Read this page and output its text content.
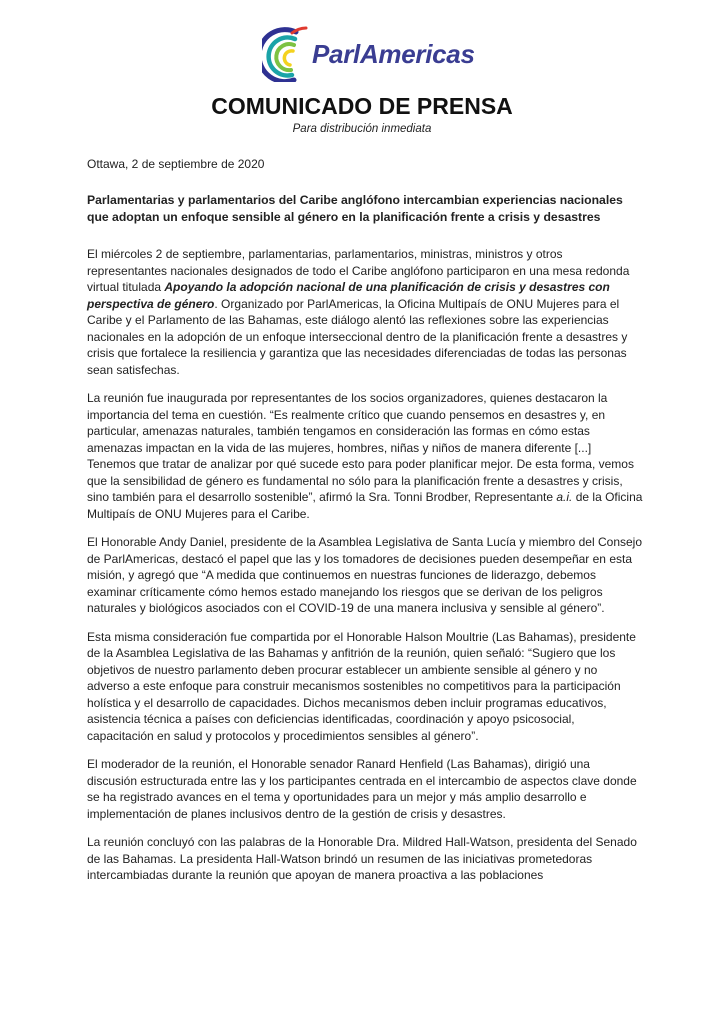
ParlAmericas
COMUNICADO DE PRENSA
Para distribución inmediata
Ottawa, 2 de septiembre de 2020
Parlamentarias y parlamentarios del Caribe anglófono intercambian experiencias nacionales que adoptan un enfoque sensible al género en la planificación frente a crisis y desastres

El miércoles 2 de septiembre, parlamentarias, parlamentarios, ministras, ministros y otros representantes nacionales designados de todo el Caribe anglófono participaron en una mesa redonda virtual titulada Apoyando la adopción nacional de una planificación de crisis y desastres con perspectiva de género. Organizado por ParlAmericas, la Oficina Multipaís de ONU Mujeres para el Caribe y el Parlamento de las Bahamas, este diálogo alentó las reflexiones sobre las experiencias nacionales en la adopción de un enfoque interseccional dentro de la planificación frente a desastres y crisis que fortalece la resiliencia y garantiza que las necesidades diferenciadas de todas las personas sean satisfechas.

La reunión fue inaugurada por representantes de los socios organizadores, quienes destacaron la importancia del tema en cuestión. “Es realmente crítico que cuando pensemos en desastres y, en particular, amenazas naturales, también tengamos en consideración las formas en cómo estas amenazas impactan en la vida de las mujeres, hombres, niñas y niños de manera diferente [...] Tenemos que tratar de analizar por qué sucede esto para poder planificar mejor. De esta forma, vemos que la sensibilidad de género es fundamental no sólo para la planificación frente a desastres y crisis, sino también para el desarrollo sostenible”, afirmó la Sra. Tonni Brodber, Representante a.i. de la Oficina Multipaís de ONU Mujeres para el Caribe.

El Honorable Andy Daniel, presidente de la Asamblea Legislativa de Santa Lucía y miembro del Consejo de ParlAmericas, destacó el papel que las y los tomadores de decisiones pueden desempeñar en esta misión, y agregó que “A medida que continuemos en nuestras funciones de liderazgo, debemos examinar críticamente cómo hemos estado manejando los riesgos que se derivan de los peligros naturales y biológicos asociados con el COVID-19 de una manera inclusiva y sensible al género”.

Esta misma consideración fue compartida por el Honorable Halson Moultrie (Las Bahamas), presidente de la Asamblea Legislativa de las Bahamas y anfitrión de la reunión, quien señaló: “Sugiero que los objetivos de nuestro parlamento deben procurar establecer un ambiente sensible al género y no adverso a este enfoque para construir mecanismos sostenibles no competitivos para la participación holística y el desarrollo de capacidades. Dichos mecanismos deben incluir programas educativos, asistencia técnica a países con deficiencias identificadas, coordinación y apoyo psicosocial, capacitación en salud y protocolos y procedimientos sensibles al género”.

El moderador de la reunión, el Honorable senador Ranard Henfield (Las Bahamas), dirigió una discusión estructurada entre las y los participantes centrada en el intercambio de aspectos clave donde se ha registrado avances en el tema y oportunidades para un mejor y más amplio desarrollo e implementación de planes inclusivos dentro de la gestión de crisis y desastres.

La reunión concluyó con las palabras de la Honorable Dra. Mildred Hall-Watson, presidenta del Senado de las Bahamas. La presidenta Hall-Watson brindó un resumen de las iniciativas prometedoras intercambiadas durante la reunión que apoyan de manera proactiva a las poblaciones
